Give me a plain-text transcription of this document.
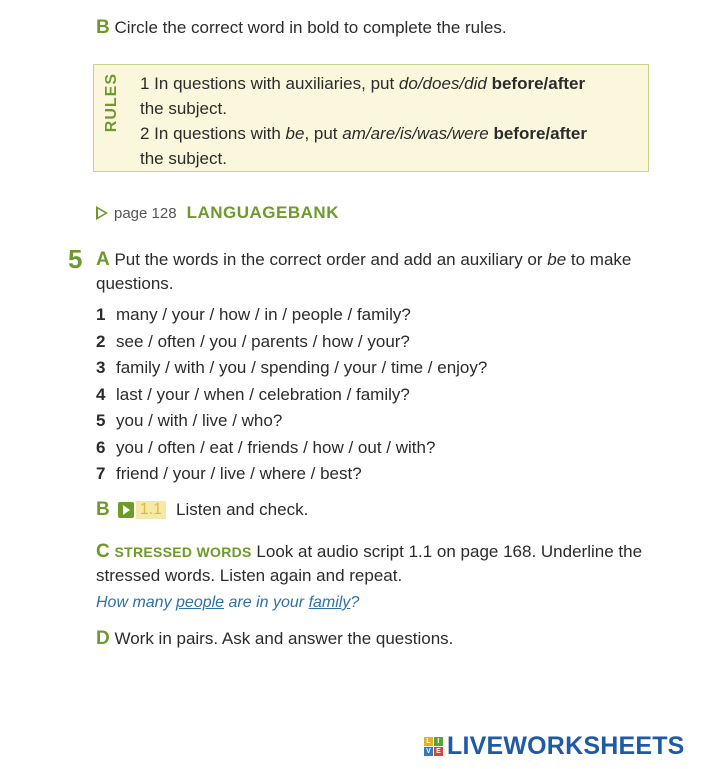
B Circle the correct word in bold to complete the rules.
RULES 1 In questions with auxiliaries, put do/does/did before/after
the subject.
2 In questions with be, put am/are/is/was/were before/after
the subject.
page 128 LANGUAGEBANK
5 A Put the words in the correct order and add an auxiliary or be to make questions.
1 many / your / how / in / people / family?
2 see / often / you / parents / how / your?
3 family / with / you / spending / your / time / enjoy?
4 last / your / when / celebration / family?
5 you / with / live / who?
6 you / often / eat / friends / how / out / with?
7 friend / your / live / where / best?
B 1.1 Listen and check.
C STRESSED WORDS Look at audio script 1.1 on page 168. Underline the stressed words. Listen again and repeat.
How many people are in your family?
D Work in pairs. Ask and answer the questions.
L I
V E LIVEWORKSHEETS
